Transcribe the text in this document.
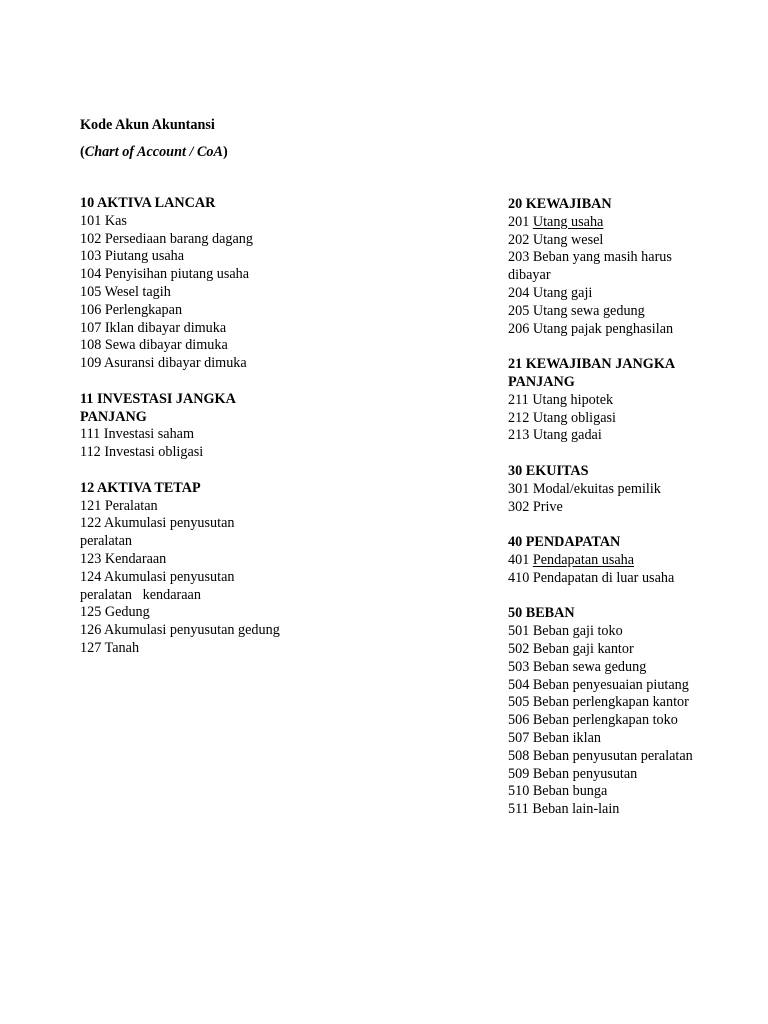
Kode Akun Akuntansi
(Chart of Account / CoA)
10 AKTIVA LANCAR
101 Kas
102 Persediaan barang dagang
103 Piutang usaha
104 Penyisihan piutang usaha
105 Wesel tagih
106 Perlengkapan
107 Iklan dibayar dimuka
108 Sewa dibayar dimuka
109 Asuransi dibayar dimuka
11 INVESTASI JANGKA PANJANG
111 Investasi saham
112 Investasi obligasi
12 AKTIVA TETAP
121 Peralatan
122 Akumulasi penyusutan peralatan
123 Kendaraan
124 Akumulasi penyusutan peralatan   kendaraan
125 Gedung
126 Akumulasi penyusutan gedung
127 Tanah
20 KEWAJIBAN
201 Utang usaha
202 Utang wesel
203 Beban yang masih harus dibayar
204 Utang gaji
205 Utang sewa gedung
206 Utang pajak penghasilan
21 KEWAJIBAN JANGKA PANJANG
211 Utang hipotek
212 Utang obligasi
213 Utang gadai
30 EKUITAS
301 Modal/ekuitas pemilik
302 Prive
40 PENDAPATAN
401 Pendapatan usaha
410 Pendapatan di luar usaha
50 BEBAN
501 Beban gaji toko
502 Beban gaji kantor
503 Beban sewa gedung
504 Beban penyesuaian piutang
505 Beban perlengkapan kantor
506 Beban perlengkapan toko
507 Beban iklan
508 Beban penyusutan peralatan
509 Beban penyusutan
510 Beban bunga
511 Beban lain-lain
